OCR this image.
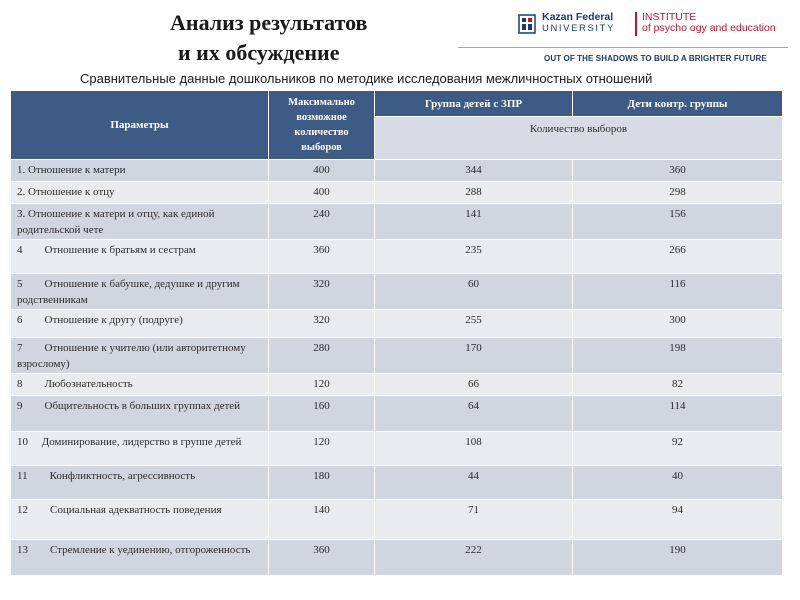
Анализ результатов
и их обсуждение
Kazan Federal
UNIVERSITY
INSTITUTE
of psycho ogy and education
OUT OF THE SHADOWS TO BUILD A BRIGHTER FUTURE
Сравнительные данные дошкольников по методике исследования межличностных отношений
Параметры	Максимально возможное количество выборов	Группа детей с ЗПР	Дети контр. группы
		Количество выборов	
1. Отношение к матери	400	344	360
2. Отношение к отцу	400	288	298
3. Отношение к матери и отцу, как единой родительской чете	240	141	156
4        Отношение к братьям и сестрам	360	235	266
5        Отношение к бабушке, дедушке и другим родственникам	320	60	116
6        Отношение к другу (подруге)	320	255	300
7        Отношение к учителю (или авторитетному взрослому)	280	170	198
8        Любознательность	120	66	82
9        Общительность в больших группах детей	160	64	114
10     Доминирование, лидерство в группе детей	120	108	92
11        Конфликтность, агрессивность	180	44	40
12        Социальная адекватность поведения	140	71	94
13        Стремление к уединению, отгороженность	360	222	190
